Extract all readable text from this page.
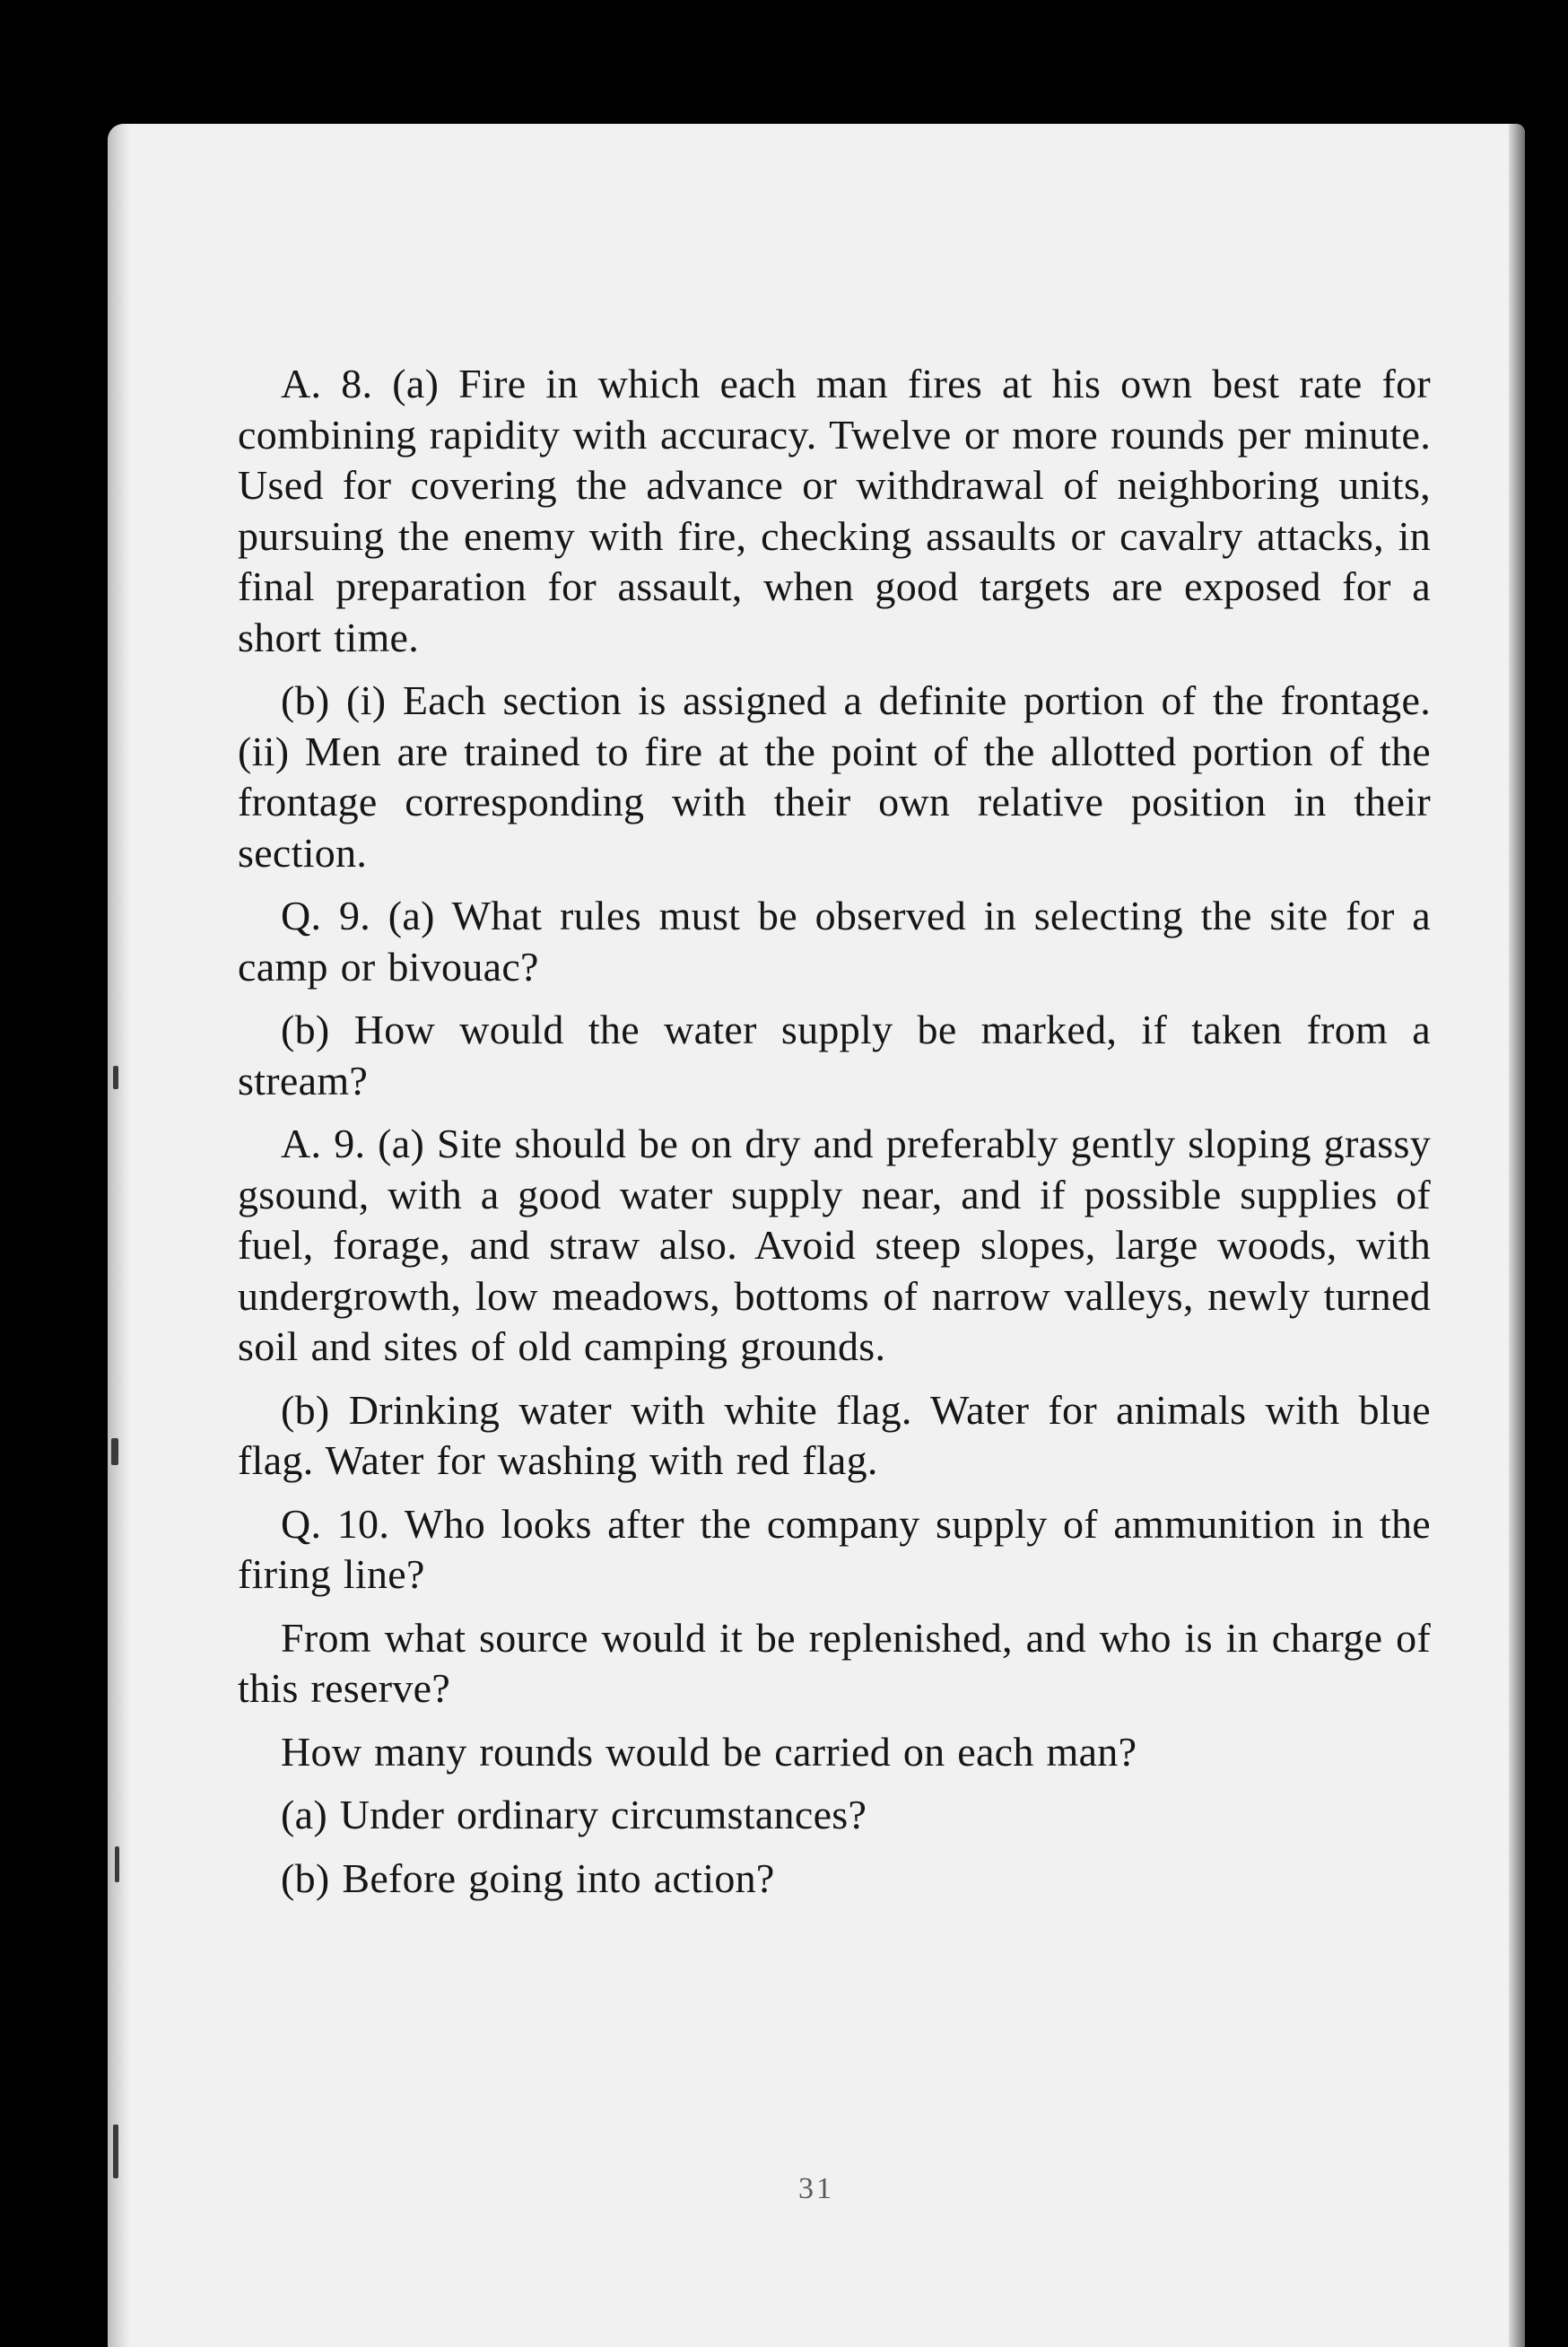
A. 8. (a) Fire in which each man fires at his own best rate for combining rapidity with accuracy. Twelve or more rounds per minute. Used for covering the advance or withdrawal of neighboring units, pursuing the enemy with fire, checking assaults or cavalry attacks, in final preparation for assault, when good targets are exposed for a short time.

(b) (i) Each section is assigned a definite portion of the frontage. (ii) Men are trained to fire at the point of the allotted portion of the frontage corresponding with their own relative position in their section.

Q. 9. (a) What rules must be observed in selecting the site for a camp or bivouac?

(b) How would the water supply be marked, if taken from a stream?

A. 9. (a) Site should be on dry and preferably gently sloping grassy gsound, with a good water supply near, and if possible supplies of fuel, forage, and straw also. Avoid steep slopes, large woods, with undergrowth, low meadows, bottoms of narrow valleys, newly turned soil and sites of old camping grounds.

(b) Drinking water with white flag. Water for animals with blue flag. Water for washing with red flag.

Q. 10. Who looks after the company supply of ammunition in the firing line?

From what source would it be replenished, and who is in charge of this reserve?

How many rounds would be carried on each man?

(a) Under ordinary circumstances?

(b) Before going into action?

31
